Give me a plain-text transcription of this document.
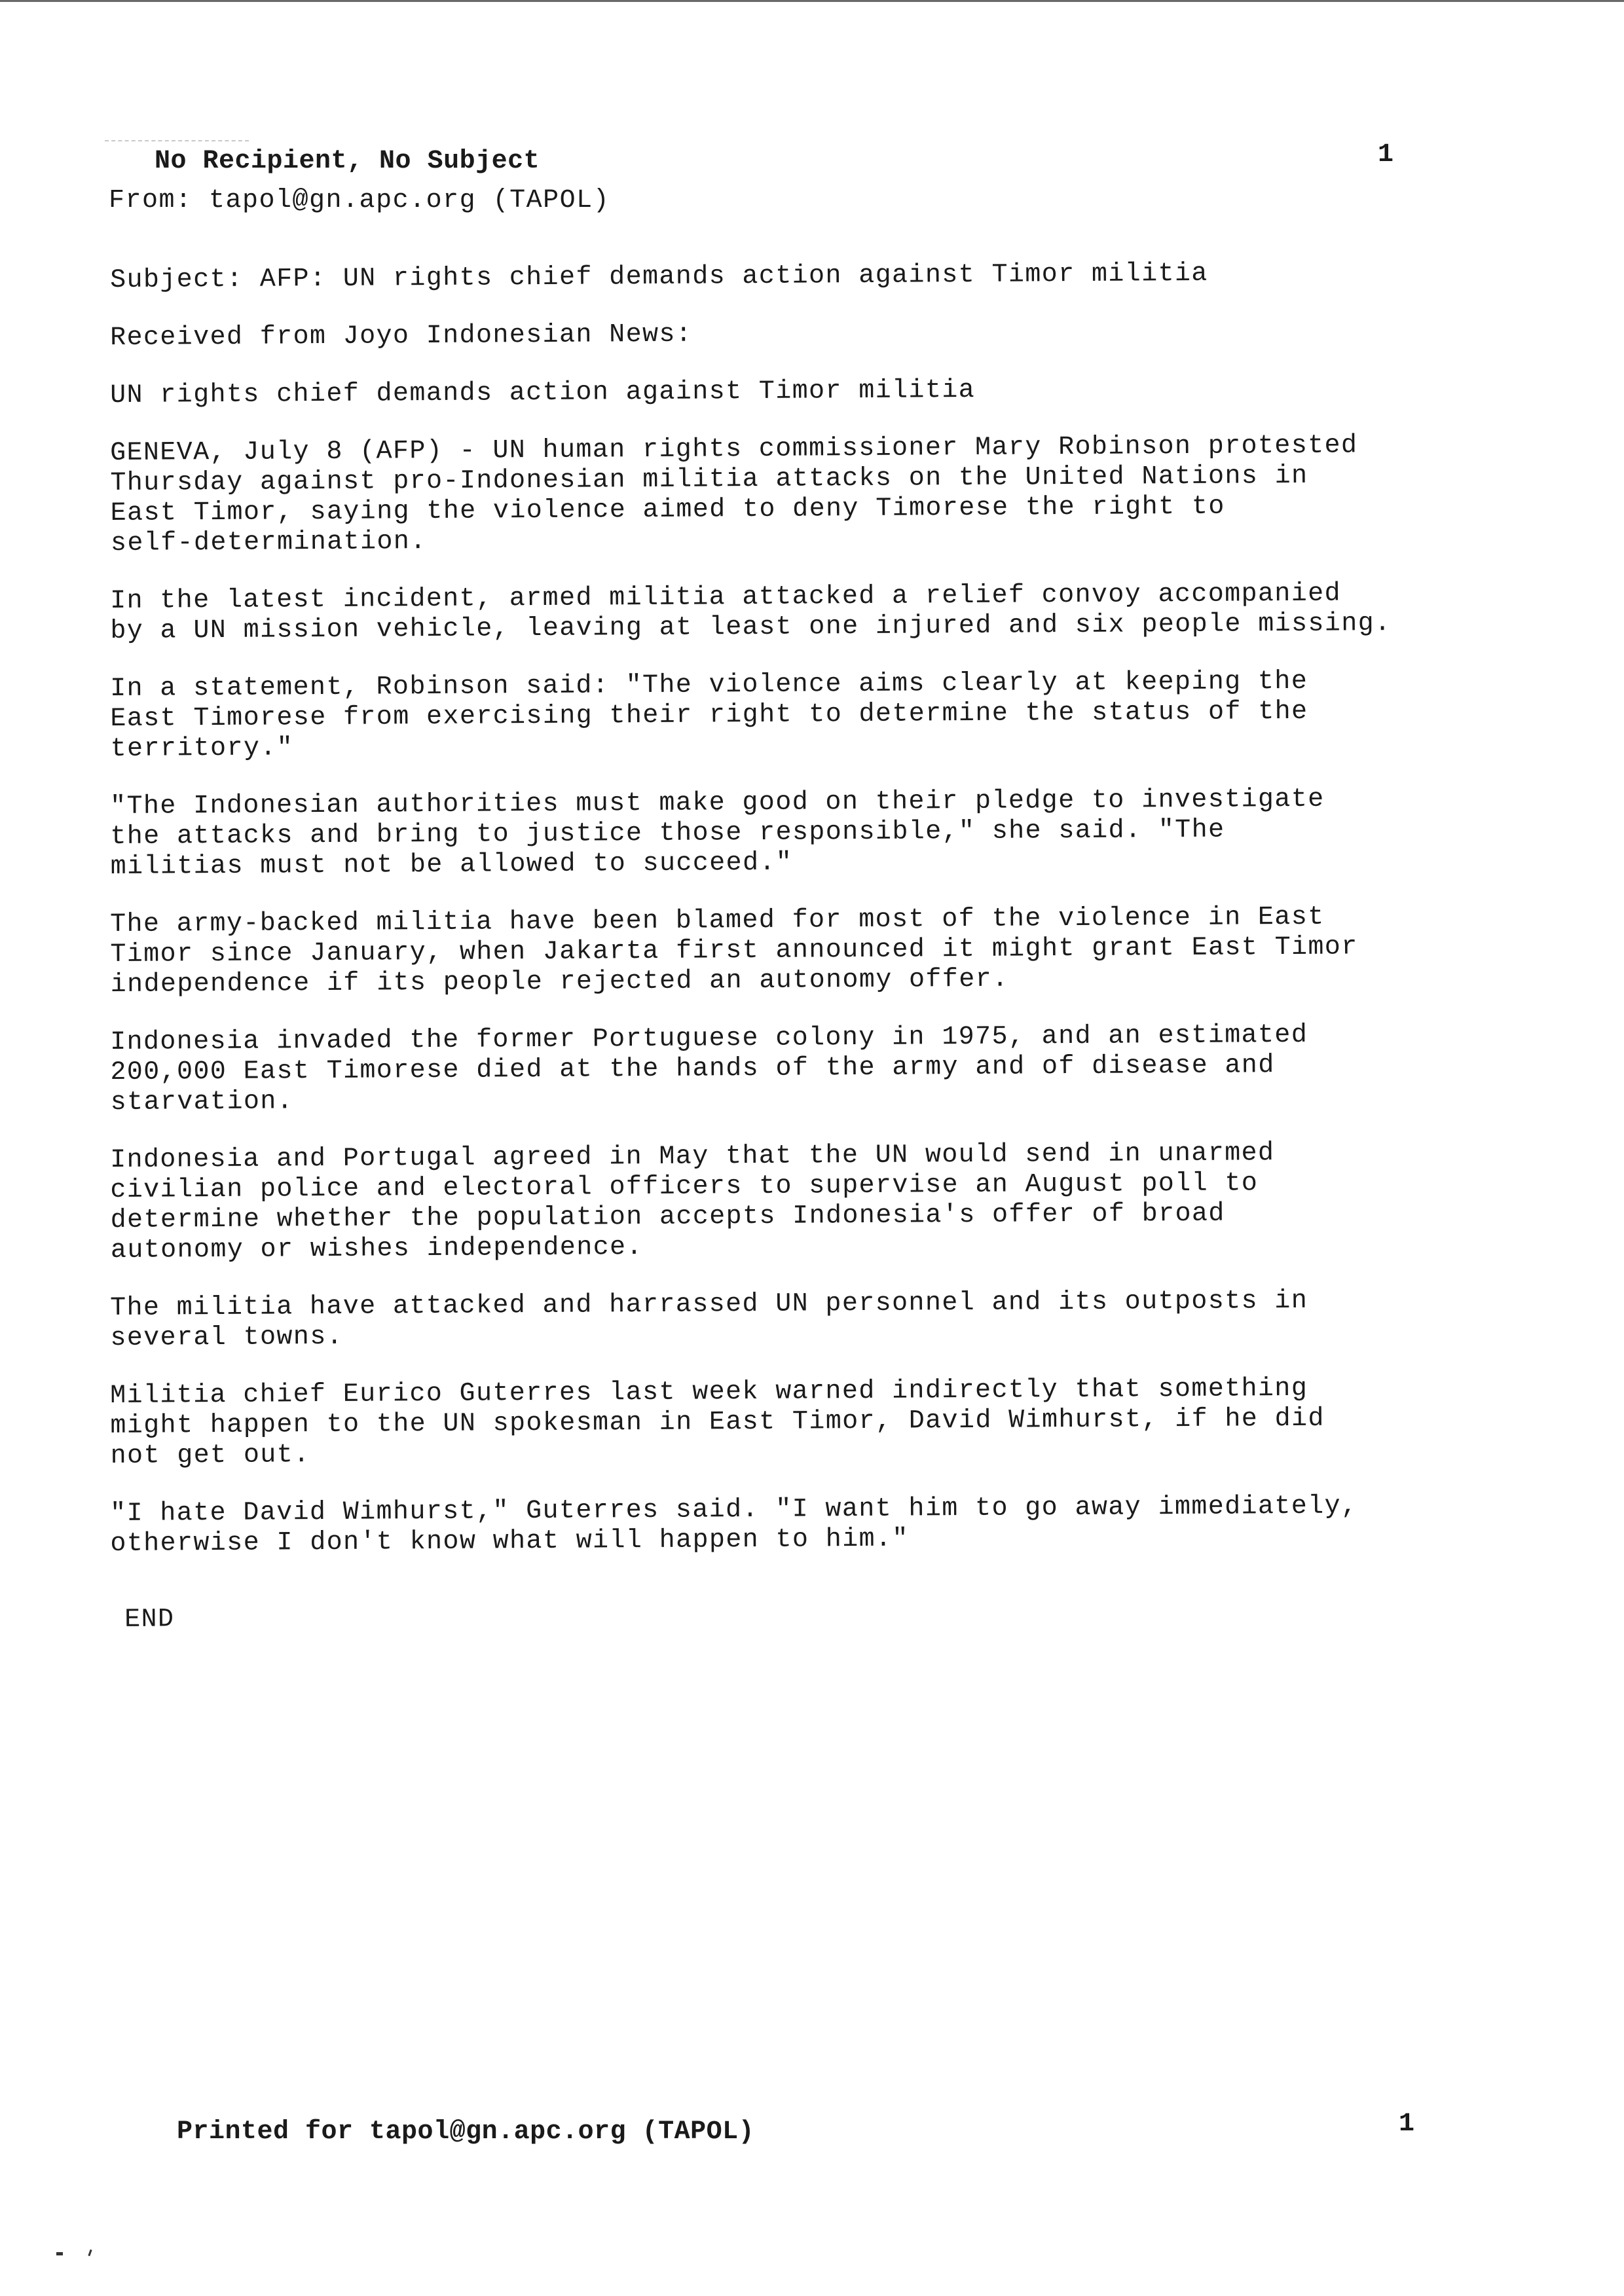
No Recipient, No Subject	1
From: tapol@gn.apc.org (TAPOL)

Subject: AFP: UN rights chief demands action against Timor militia

Received from Joyo Indonesian News:

UN rights chief demands action against Timor militia

GENEVA, July 8 (AFP) - UN human rights commissioner Mary Robinson protested
Thursday against pro-Indonesian militia attacks on the United Nations in
East Timor, saying the violence aimed to deny Timorese the right to
self-determination.

In the latest incident, armed militia attacked a relief convoy accompanied
by a UN mission vehicle, leaving at least one injured and six people missing.

In a statement, Robinson said: "The violence aims clearly at keeping the
East Timorese from exercising their right to determine the status of the
territory."

"The Indonesian authorities must make good on their pledge to investigate
the attacks and bring to justice those responsible," she said. "The
militias must not be allowed to succeed."

The army-backed militia have been blamed for most of the violence in East
Timor since January, when Jakarta first announced it might grant East Timor
independence if its people rejected an autonomy offer.

Indonesia invaded the former Portuguese colony in 1975, and an estimated
200,000 East Timorese died at the hands of the army and of disease and
starvation.

Indonesia and Portugal agreed in May that the UN would send in unarmed
civilian police and electoral officers to supervise an August poll to
determine whether the population accepts Indonesia's offer of broad
autonomy or wishes independence.

The militia have attacked and harrassed UN personnel and its outposts in
several towns.

Militia chief Eurico Guterres last week warned indirectly that something
might happen to the UN spokesman in East Timor, David Wimhurst, if he did
not get out.

"I hate David Wimhurst," Guterres said. "I want him to go away immediately,
otherwise I don't know what will happen to him."

END

Printed for tapol@gn.apc.org (TAPOL)	1
